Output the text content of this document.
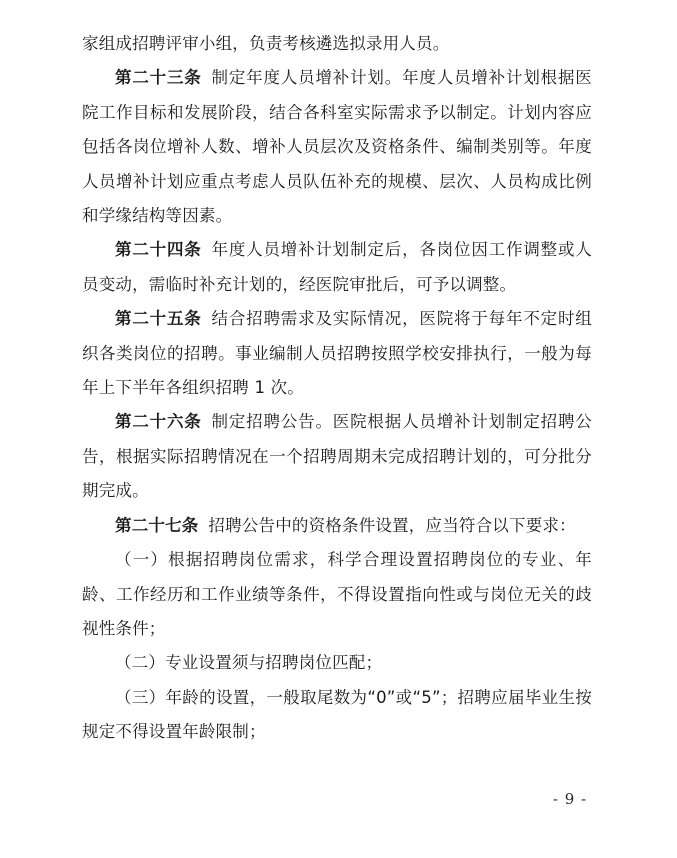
家组成招聘评审小组，负责考核遴选拟录用人员。

第二十三条 制定年度人员增补计划。年度人员增补计划根据医院工作目标和发展阶段，结合各科室实际需求予以制定。计划内容应包括各岗位增补人数、增补人员层次及资格条件、编制类别等。年度人员增补计划应重点考虑人员队伍补充的规模、层次、人员构成比例和学缘结构等因素。

第二十四条 年度人员增补计划制定后，各岗位因工作调整或人员变动，需临时补充计划的，经医院审批后，可予以调整。

第二十五条 结合招聘需求及实际情况，医院将于每年不定时组织各类岗位的招聘。事业编制人员招聘按照学校安排执行，一般为每年上下半年各组织招聘 1 次。

第二十六条 制定招聘公告。医院根据人员增补计划制定招聘公告，根据实际招聘情况在一个招聘周期未完成招聘计划的，可分批分期完成。

第二十七条 招聘公告中的资格条件设置，应当符合以下要求：

（一）根据招聘岗位需求，科学合理设置招聘岗位的专业、年龄、工作经历和工作业绩等条件，不得设置指向性或与岗位无关的歧视性条件；

（二）专业设置须与招聘岗位匹配；

（三）年龄的设置，一般取尾数为“0”或“5”；招聘应届毕业生按规定不得设置年龄限制；

- 9 -
